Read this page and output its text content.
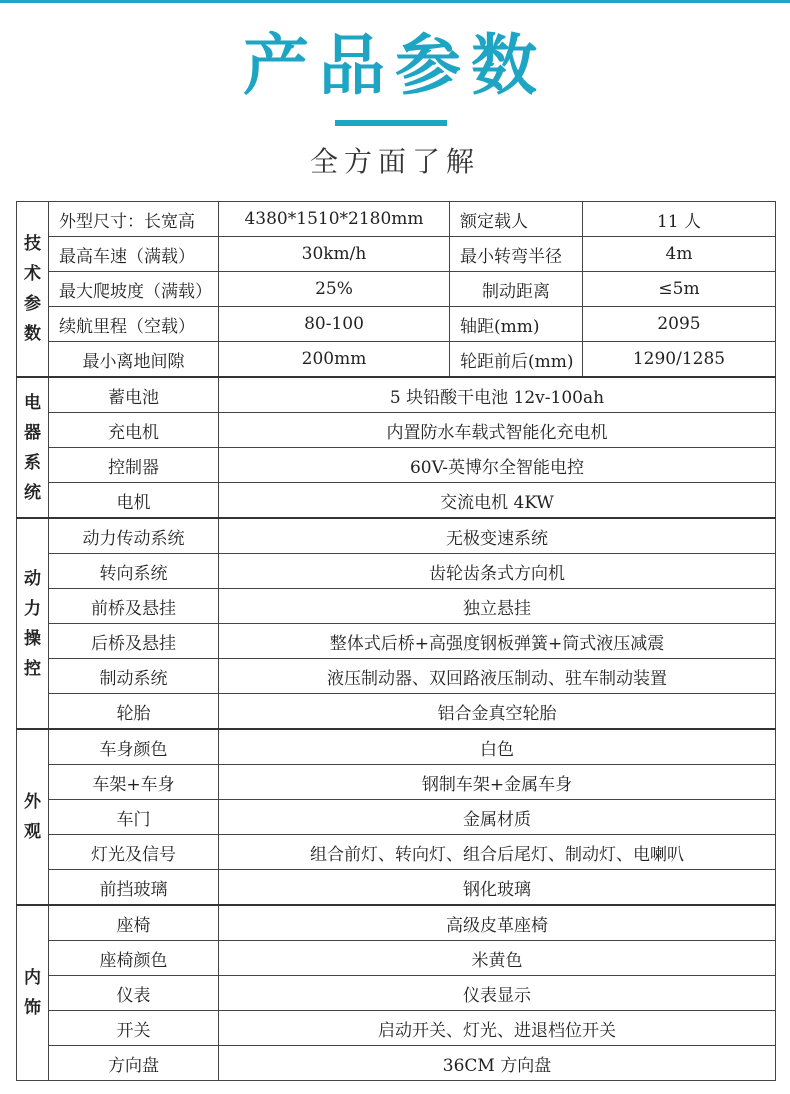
产品参数
全方面了解
技
术
参
数	外型尺寸：长宽高	4380*1510*2180mm	额定载人	11 人
	最高车速（满载）	30km/h	最小转弯半径	4m
	最大爬坡度（满载）	25%	制动距离	≤5m
	续航里程（空载）	80-100	轴距(mm)	2095
	最小离地间隙	200mm	轮距前后(mm)	1290/1285

电
器
系
统	蓄电池	5 块铅酸干电池 12v-100ah		
	充电机	内置防水车载式智能化充电机		
	控制器	60V-英博尔全智能电控		
	电机	交流电机 4KW		

动
力
操
控	动力传动系统	无极变速系统		
	转向系统	齿轮齿条式方向机		
	前桥及悬挂	独立悬挂		
	后桥及悬挂	整体式后桥+高强度钢板弹簧+筒式液压减震		
	制动系统	液压制动器、双回路液压制动、驻车制动装置		
	轮胎	铝合金真空轮胎		

外
观	车身颜色	白色		
	车架+车身	钢制车架+金属车身		
	车门	金属材质		
	灯光及信号	组合前灯、转向灯、组合后尾灯、制动灯、电喇叭		
	前挡玻璃	钢化玻璃		

内
饰	座椅	高级皮革座椅		
	座椅颜色	米黄色		
	仪表	仪表显示		
	开关	启动开关、灯光、进退档位开关		
	方向盘	36CM 方向盘		
